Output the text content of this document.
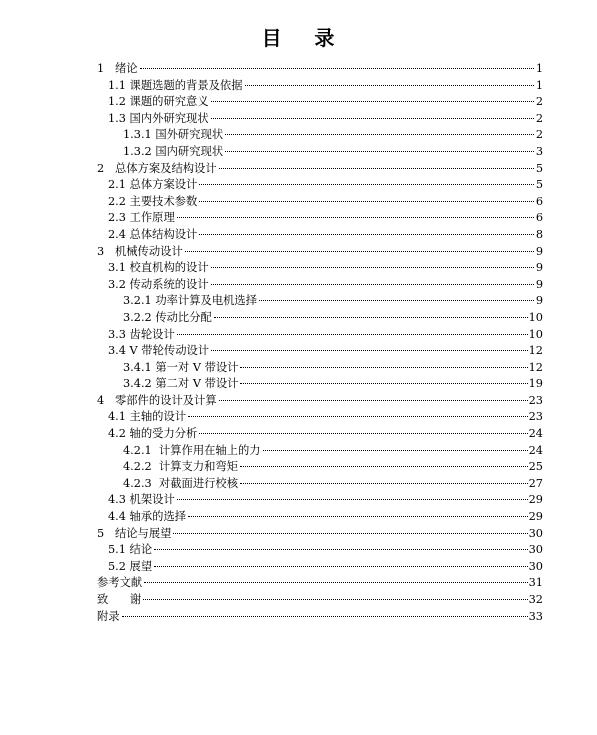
目    录
1   绪论	1
1.1 课题选题的背景及依据	1
1.2 课题的研究意义	2
1.3 国内外研究现状	2
1.3.1 国外研究现状	2
1.3.2 国内研究现状	3
2   总体方案及结构设计	5
2.1 总体方案设计	5
2.2 主要技术参数	6
2.3 工作原理	6
2.4 总体结构设计	8
3   机械传动设计	9
3.1 校直机构的设计	9
3.2 传动系统的设计	9
3.2.1 功率计算及电机选择	9
3.2.2 传动比分配	10
3.3 齿轮设计	10
3.4 V 带轮传动设计	12
3.4.1 第一对 V 带设计	12
3.4.2 第二对 V 带设计	19
4   零部件的设计及计算	23
4.1 主轴的设计	23
4.2 轴的受力分析	24
4.2.1  计算作用在轴上的力	24
4.2.2  计算支力和弯矩	25
4.2.3  对截面进行校核	27
4.3 机架设计	29
4.4 轴承的选择	29
5   结论与展望	30
5.1 结论	30
5.2 展望	30
参考文献	31
致      谢	32
附录	33
